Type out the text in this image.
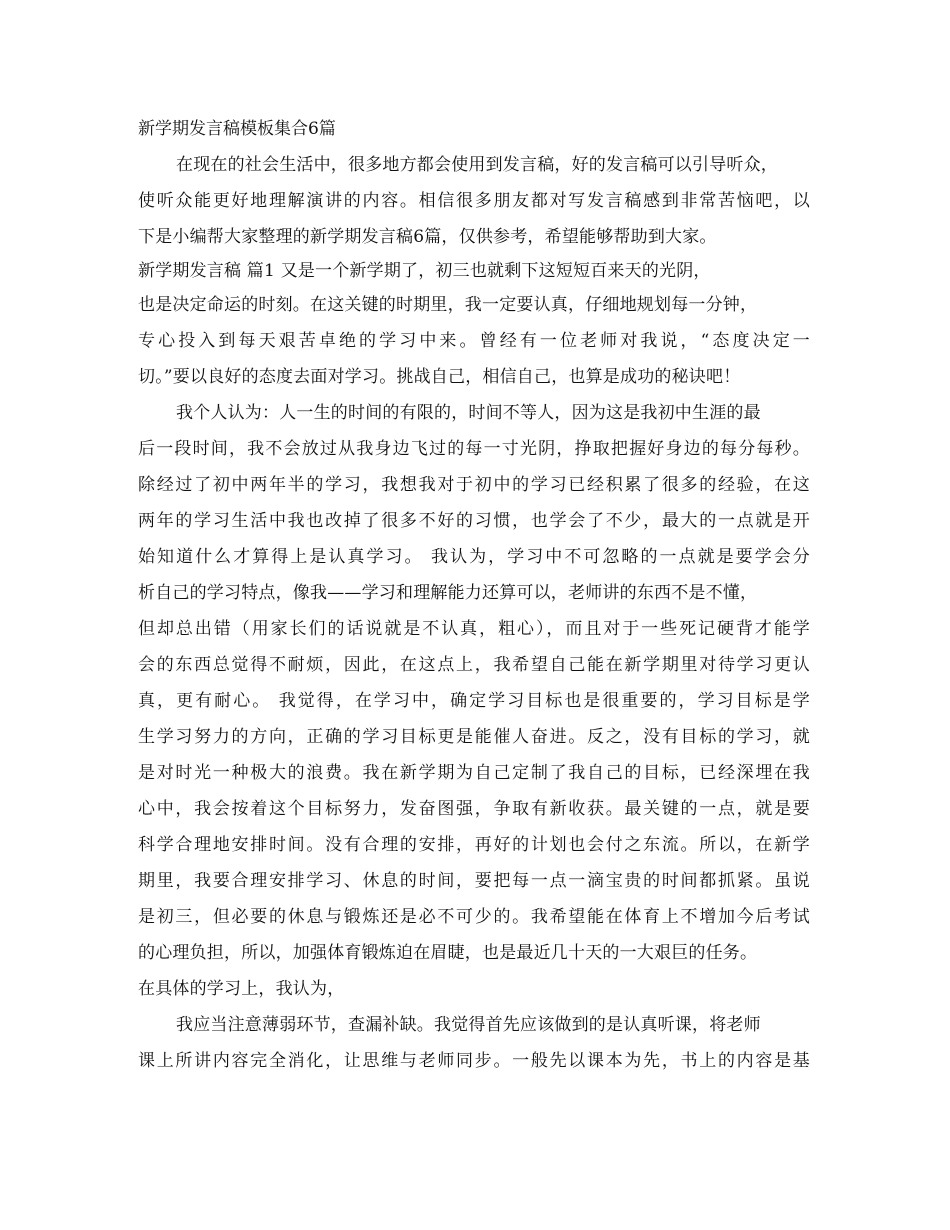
新学期发言稿模板集合6篇
在现在的社会生活中，很多地方都会使用到发言稿，好的发言稿可以引导听众，
使听众能更好地理解演讲的内容。相信很多朋友都对写发言稿感到非常苦恼吧，以
下是小编帮大家整理的新学期发言稿6篇，仅供参考，希望能够帮助到大家。
新学期发言稿 篇1 又是一个新学期了，初三也就剩下这短短百来天的光阴，
也是决定命运的时刻。在这关键的时期里，我一定要认真，仔细地规划每一分钟，
专心投入到每天艰苦卓绝的学习中来。曾经有一位老师对我说，“态度决定一
切。”要以良好的态度去面对学习。挑战自己，相信自己，也算是成功的秘诀吧！
我个人认为：人一生的时间的有限的，时间不等人，因为这是我初中生涯的最
后一段时间，我不会放过从我身边飞过的每一寸光阴，挣取把握好身边的每分每秒。
除经过了初中两年半的学习，我想我对于初中的学习已经积累了很多的经验，在这
两年的学习生活中我也改掉了很多不好的习惯，也学会了不少，最大的一点就是开
始知道什么才算得上是认真学习。 我认为，学习中不可忽略的一点就是要学会分
析自己的学习特点，像我——学习和理解能力还算可以，老师讲的东西不是不懂，
但却总出错（用家长们的话说就是不认真，粗心），而且对于一些死记硬背才能学
会的东西总觉得不耐烦，因此，在这点上，我希望自己能在新学期里对待学习更认
真，更有耐心。 我觉得，在学习中，确定学习目标也是很重要的，学习目标是学
生学习努力的方向，正确的学习目标更是能催人奋进。反之，没有目标的学习，就
是对时光一种极大的浪费。我在新学期为自己定制了我自己的目标，已经深埋在我
心中，我会按着这个目标努力，发奋图强，争取有新收获。最关键的一点，就是要
科学合理地安排时间。没有合理的安排，再好的计划也会付之东流。所以，在新学
期里，我要合理安排学习、休息的时间，要把每一点一滴宝贵的时间都抓紧。虽说
是初三，但必要的休息与锻炼还是必不可少的。我希望能在体育上不增加今后考试
的心理负担，所以，加强体育锻炼迫在眉睫，也是最近几十天的一大艰巨的任务。
在具体的学习上，我认为，
我应当注意薄弱环节，查漏补缺。我觉得首先应该做到的是认真听课，将老师
课上所讲内容完全消化，让思维与老师同步。一般先以课本为先，书上的内容是基
